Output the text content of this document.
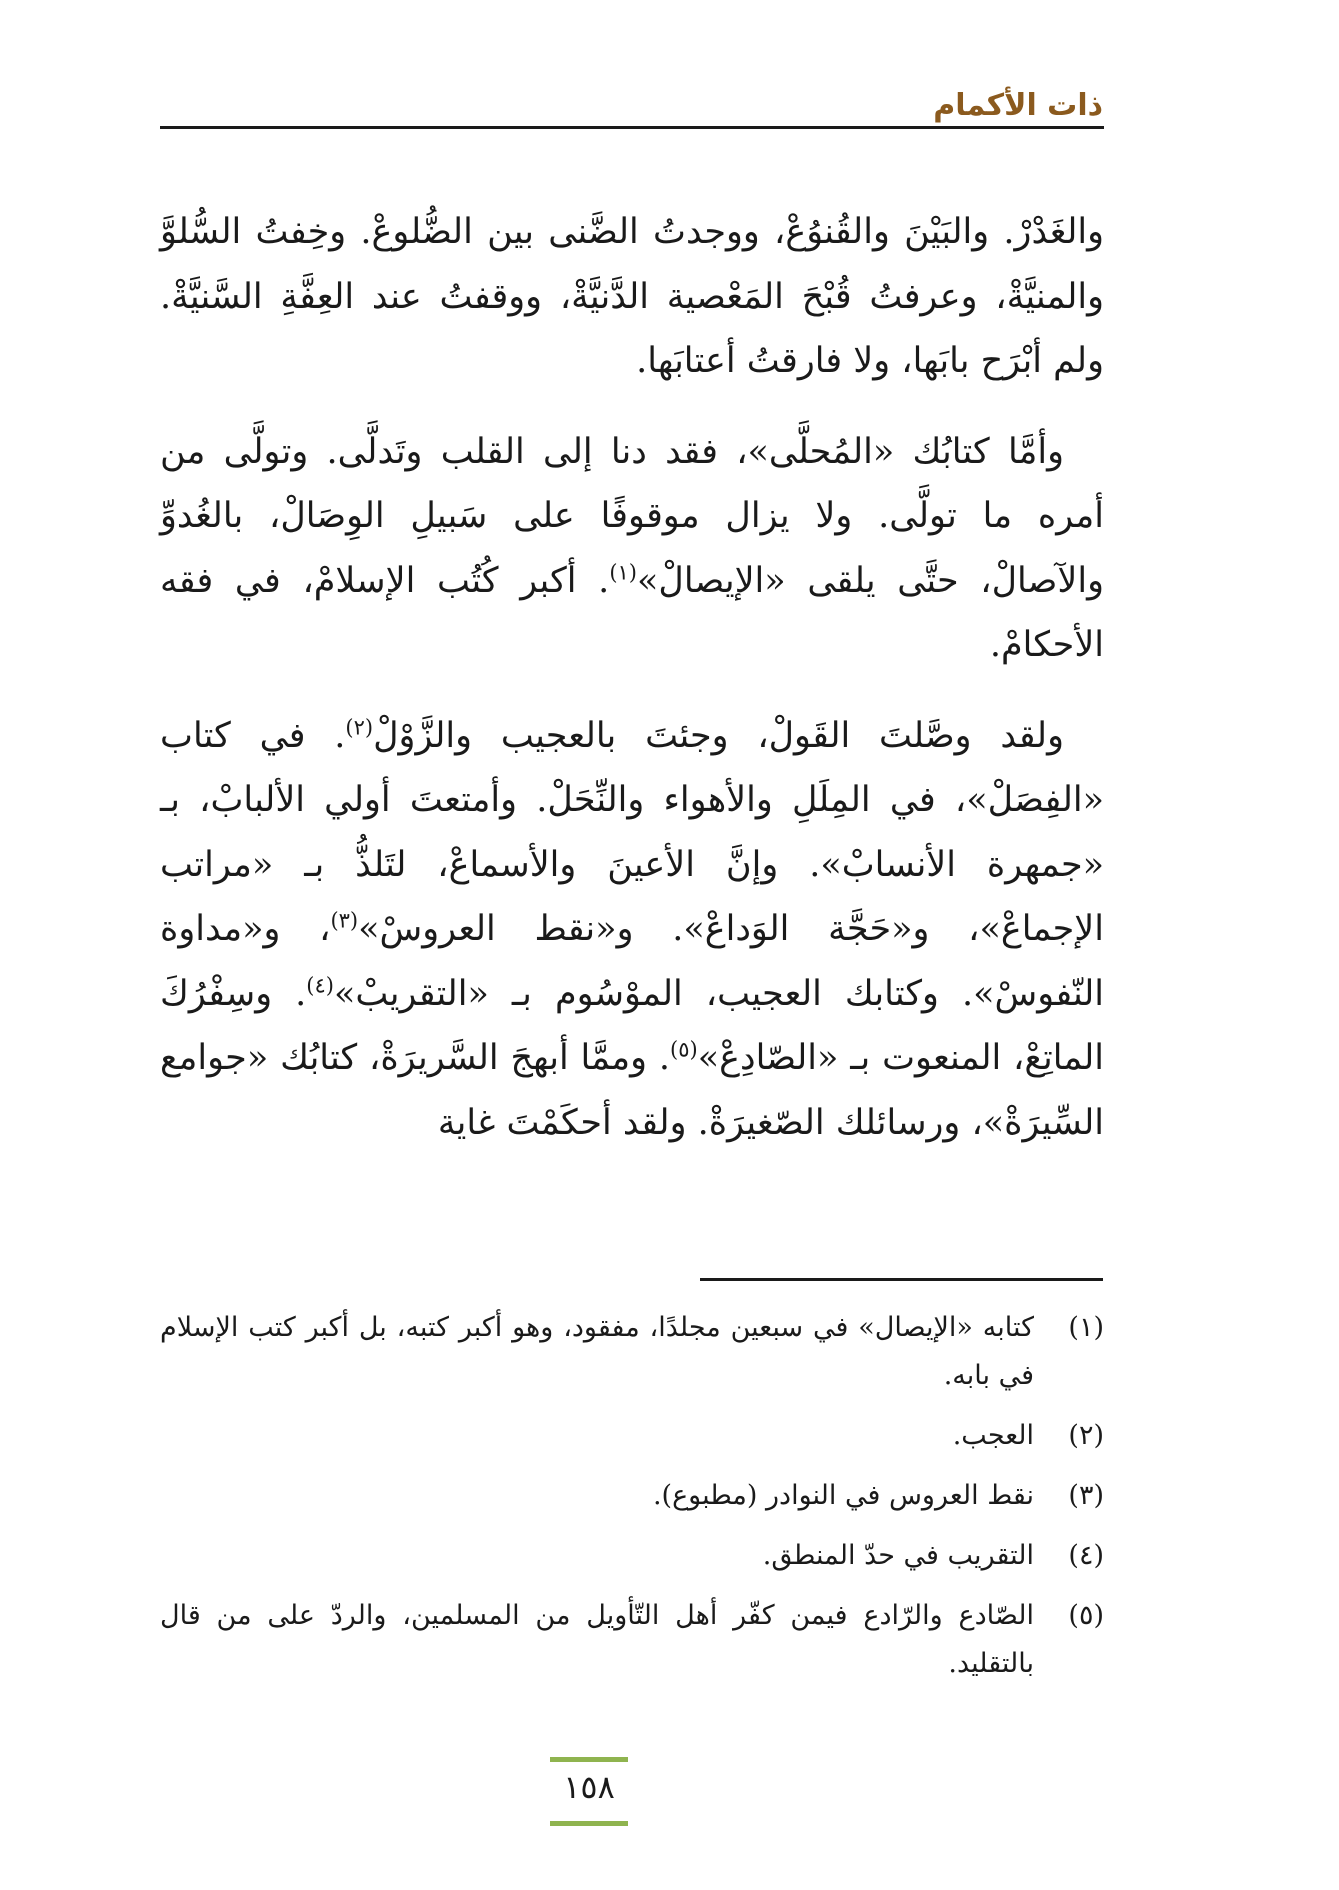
ذات الأكمام

والغَدْرْ. والبَيْنَ والقُنوُعْ، ووجدتُ الضَّنى بين الضُّلوعْ. وخِفتُ السُّلوَّ والمنيَّةْ، وعرفتُ قُبْحَ المَعْصية الدَّنيَّةْ، ووقفتُ عند العِفَّةِ السَّنيَّةْ. ولم أبْرَح بابَها، ولا فارقتُ أعتابَها.

وأمَّا كتابُك «المُحلَّى»، فقد دنا إلى القلب وتَدلَّى. وتولَّى من أمره ما تولَّى. ولا يزال موقوفًا على سَبيلِ الوِصَالْ، بالغُدوِّ والآصالْ، حتَّى يلقى «الإيصالْ»$^{(١)}$. أكبر كُتُب الإسلامْ، في فقه الأحكامْ.

ولقد وصَّلتَ القَولْ، وجئتَ بالعجيب والزَّوْلْ$^{(٢)}$. في كتاب «الفِصَلْ»، في المِلَلِ والأهواء والنِّحَلْ. وأمتعتَ أولي الألبابْ، بـ «جمهرة الأنسابْ». وإنَّ الأعينَ والأسماعْ، لتَلذُّ بـ «مراتب الإجماعْ»، و«حَجَّة الوَداعْ». و«نقط العروسْ»$^{(٣)}$، و«مداوة النّفوسْ». وكتابك العجيب، الموْسُوم بـ «التقريبْ»$^{(٤)}$. وسِفْرُكَ الماتِعْ، المنعوت بـ «الصّادِعْ»$^{(٥)}$. وممَّا أبهجَ السَّريرَةْ، كتابُك «جوامع السِّيرَةْ»، ورسائلك الصّغيرَةْ. ولقد أحكَمْتَ غاية

(١)
كتابه «الإيصال» في سبعين مجلدًا، مفقود، وهو أكبر كتبه، بل أكبر كتب الإسلام في بابه.
(٢)
العجب.
(٣)
نقط العروس في النوادر (مطبوع).
(٤)
التقريب في حدّ المنطق.
(٥)
الصّادع والرّادع فيمن كفّر أهل التّأويل من المسلمين، والردّ على من قال بالتقليد.
١٥٨
